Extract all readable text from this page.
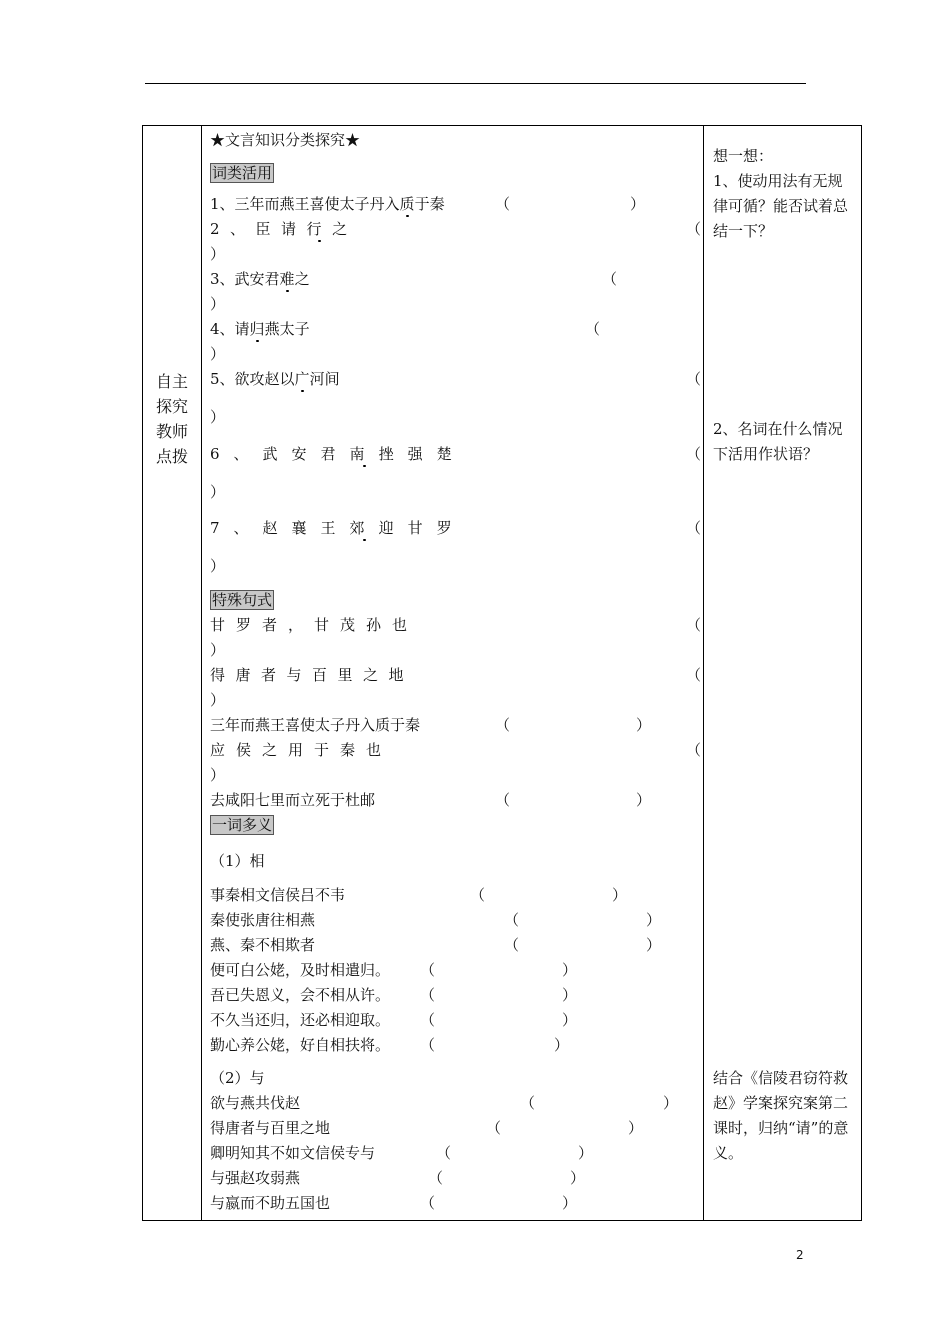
自主
探究
教师
点拨

★文言知识分类探究★
词类活用
1、三年而燕王喜使太子丹入质于秦	（	）
2、臣请行之	（
）
3、武安君难之	（
）
4、请归燕太子	（
）
5、欲攻赵以广河间	（
）
6、武安君南挫强楚	（
）
7、赵襄王郊迎甘罗	（
）
特殊句式
甘罗者，甘茂孙也	（
）
得唐者与百里之地	（
）
三年而燕王喜使太子丹入质于秦	（	）
应侯之用于秦也	（
）
去咸阳七里而立死于杜邮	（	）
一词多义
（1）相
事秦相文信侯吕不韦	（	）
秦使张唐往相燕	（	）
燕、秦不相欺者	（	）
便可白公姥，及时相遣归。 （	）
吾已失恩义，会不相从许。 （	）
不久当还归，还必相迎取。 （	）
勤心养公姥，好自相扶将。 （	）
（2）与
欲与燕共伐赵	（	）
得唐者与百里之地	（	）
卿明知其不如文信侯专与	（	）
与强赵攻弱燕	（	）
与嬴而不助五国也	（	）

想一想：
1、使动用法有无规律可循？能否试着总结一下？
2、名词在什么情况下活用作状语？
结合《信陵君窃符救赵》学案探究案第二课时，归纳“请”的意义。
2
